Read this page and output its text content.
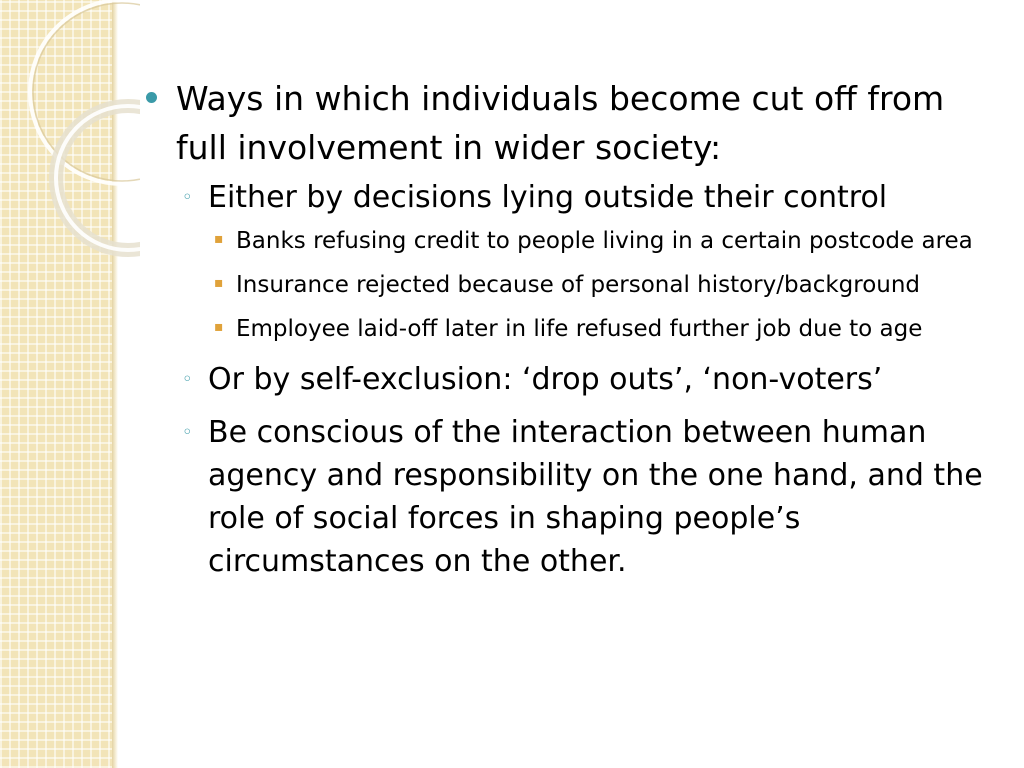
Ways in which individuals become cut off from full involvement in wider society:
◦ Either by decisions lying outside their control
▪ Banks refusing credit to people living in a certain postcode area
▪ Insurance rejected because of personal history/background
▪ Employee laid-off later in life refused further job due to age
◦ Or by self-exclusion: ‘drop outs’, ‘non-voters’
◦ Be conscious of the interaction between human agency and responsibility on the one hand, and the role of social forces in shaping people’s circumstances on the other.
